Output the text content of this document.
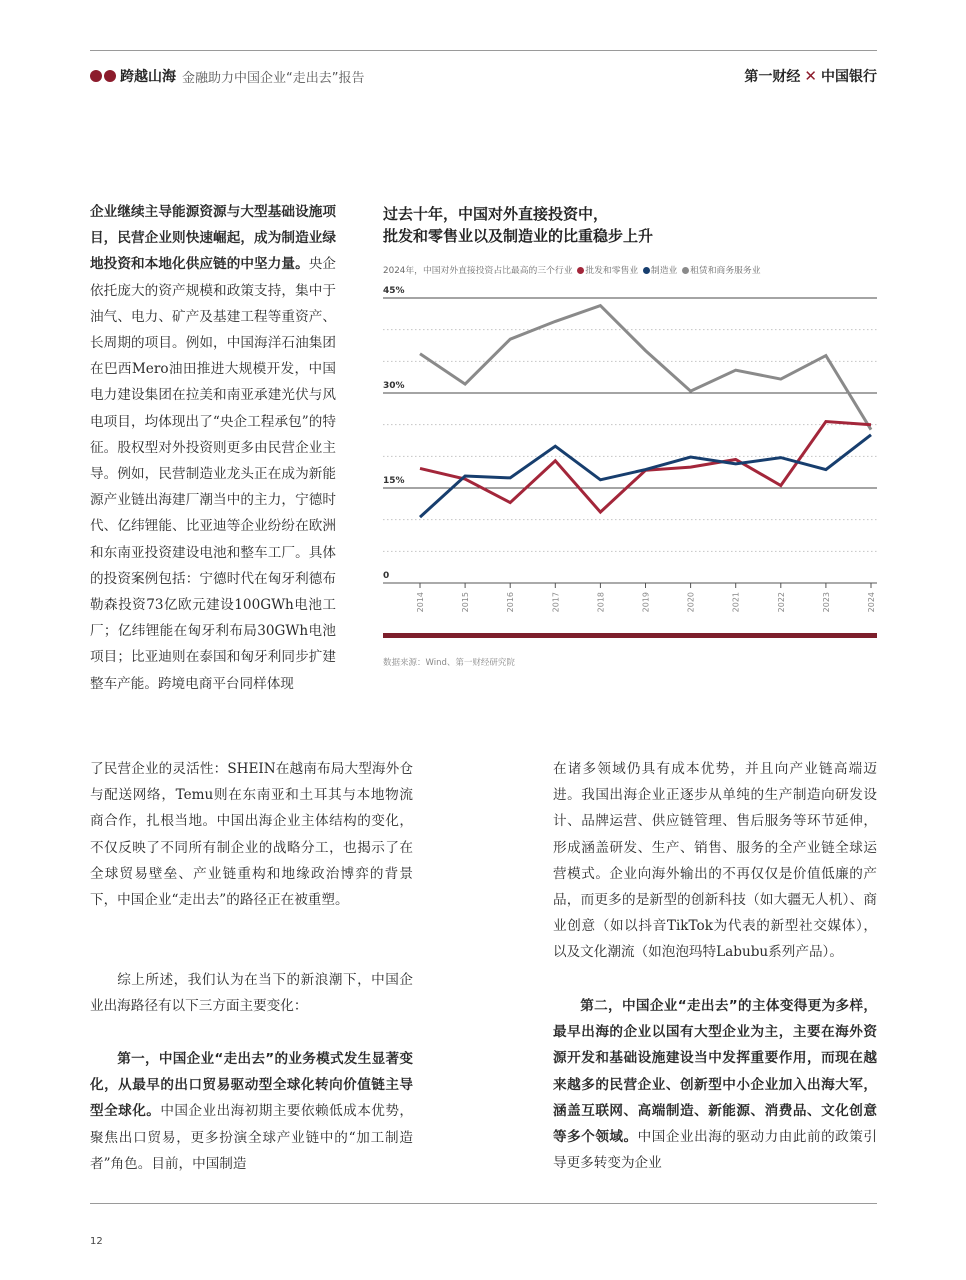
跨越山海 金融助力中国企业“走出去”报告	第一财经 ✕ 中国银行

企业继续主导能源资源与大型基础设施项目，民营企业则快速崛起，成为制造业绿地投资和本地化供应链的中坚力量。央企依托庞大的资产规模和政策支持，集中于油气、电力、矿产及基建工程等重资产、长周期的项目。例如，中国海洋石油集团在巴西Mero油田推进大规模开发，中国电力建设集团在拉美和南亚承建光伏与风电项目，均体现出了“央企工程承包”的特征。股权型对外投资则更多由民营企业主导。例如，民营制造业龙头正在成为新能源产业链出海建厂潮当中的主力，宁德时代、亿纬锂能、比亚迪等企业纷纷在欧洲和东南亚投资建设电池和整车工厂。具体的投资案例包括：宁德时代在匈牙利德布勒森投资73亿欧元建设100GWh电池工厂；亿纬锂能在匈牙利布局30GWh电池项目；比亚迪则在泰国和匈牙利同步扩建整车产能。跨境电商平台同样体现

了民营企业的灵活性：SHEIN在越南布局大型海外仓与配送网络，Temu则在东南亚和土耳其与本地物流商合作，扎根当地。中国出海企业主体结构的变化，不仅反映了不同所有制企业的战略分工，也揭示了在全球贸易壁垒、产业链重构和地缘政治博弈的背景下，中国企业“走出去”的路径正在被重塑。

综上所述，我们认为在当下的新浪潮下，中国企业出海路径有以下三方面主要变化：

第一，中国企业“走出去”的业务模式发生显著变化，从最早的出口贸易驱动型全球化转向价值链主导型全球化。中国企业出海初期主要依赖低成本优势，聚焦出口贸易，更多扮演全球产业链中的“加工制造者”角色。目前，中国制造

在诸多领域仍具有成本优势，并且向产业链高端迈进。我国出海企业正逐步从单纯的生产制造向研发设计、品牌运营、供应链管理、售后服务等环节延伸，形成涵盖研发、生产、销售、服务的全产业链全球运营模式。企业向海外输出的不再仅仅是价值低廉的产品，而更多的是新型的创新科技（如大疆无人机）、商业创意（如以抖音TikTok为代表的新型社交媒体），以及文化潮流（如泡泡玛特Labubu系列产品）。

第二，中国企业“走出去”的主体变得更为多样，最早出海的企业以国有大型企业为主，主要在海外资源开发和基础设施建设当中发挥重要作用，而现在越来越多的民营企业、创新型中小企业加入出海大军，涵盖互联网、高端制造、新能源、消费品、文化创意等多个领域。中国企业出海的驱动力由此前的政策引导更多转变为企业

过去十年，中国对外直接投资中，
批发和零售业以及制造业的比重稳步上升
2024年，中国对外直接投资占比最高的三个行业 批发和零售业 制造业 租赁和商务服务业
0
15%
30%
45%
2014	2015	2016	2017	2018	2019	2020	2021	2022	2023	2024
数据来源：Wind、第一财经研究院
12
